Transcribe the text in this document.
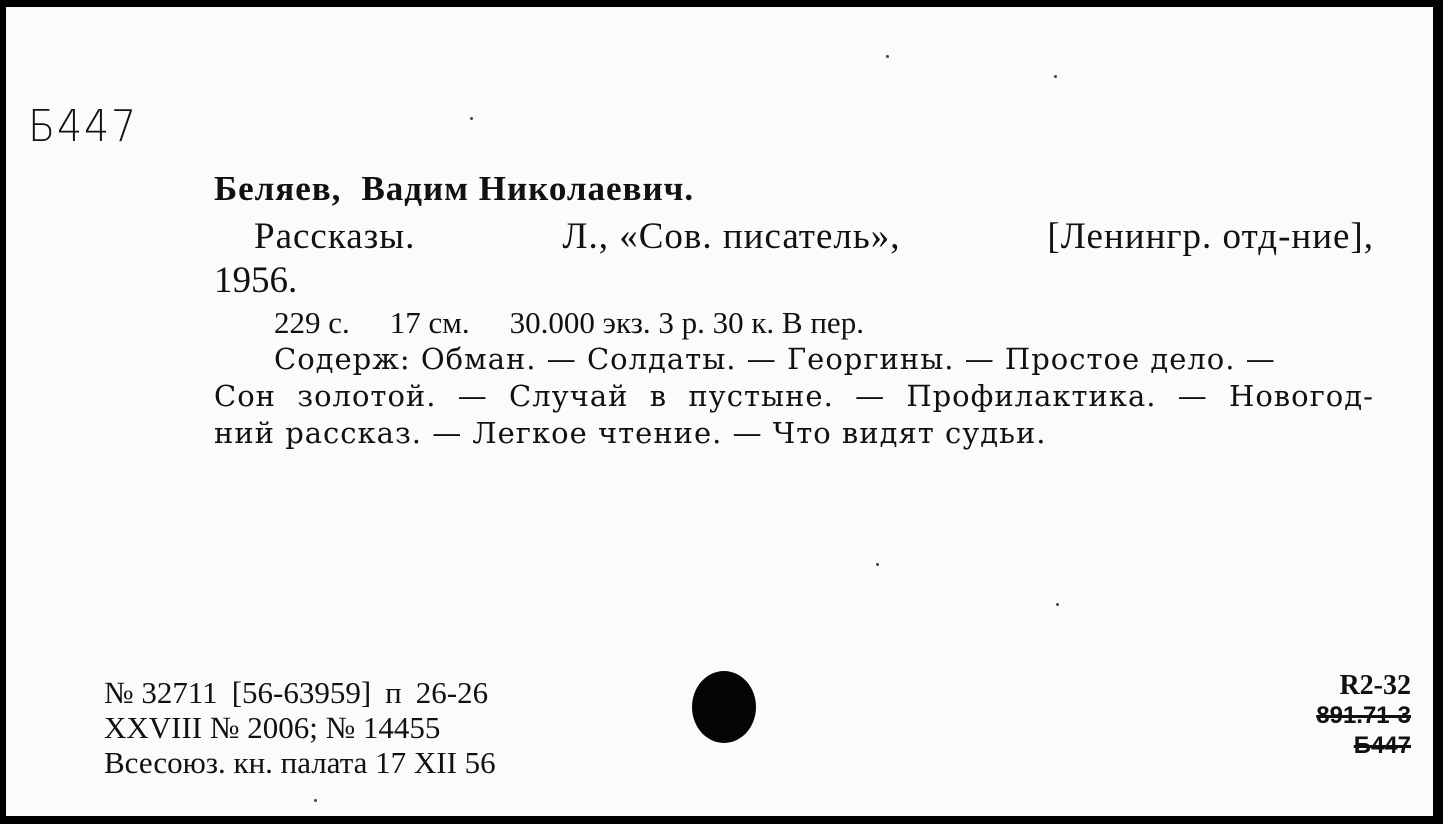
Б447
Беляев, Вадим Николаевич.
Рассказы.	Л., «Сов. писатель»,	[Ленингр. отд-ние],
1956.
229 с. 17 см. 30.000 экз. 3 р. 30 к. В пер.
Содерж: Обман. — Солдаты. — Георгины. — Простое дело. —
Сон золотой. — Случай в пустыне. — Профилактика. — Новогод-
ний рассказ. — Легкое чтение. — Что видят судьи.
№ 32711 [56-63959] п 26-26
XXVIII № 2006; № 14455
Всесоюз. кн. палата 17 XII 56
R2-32
891.71-3
Б447
